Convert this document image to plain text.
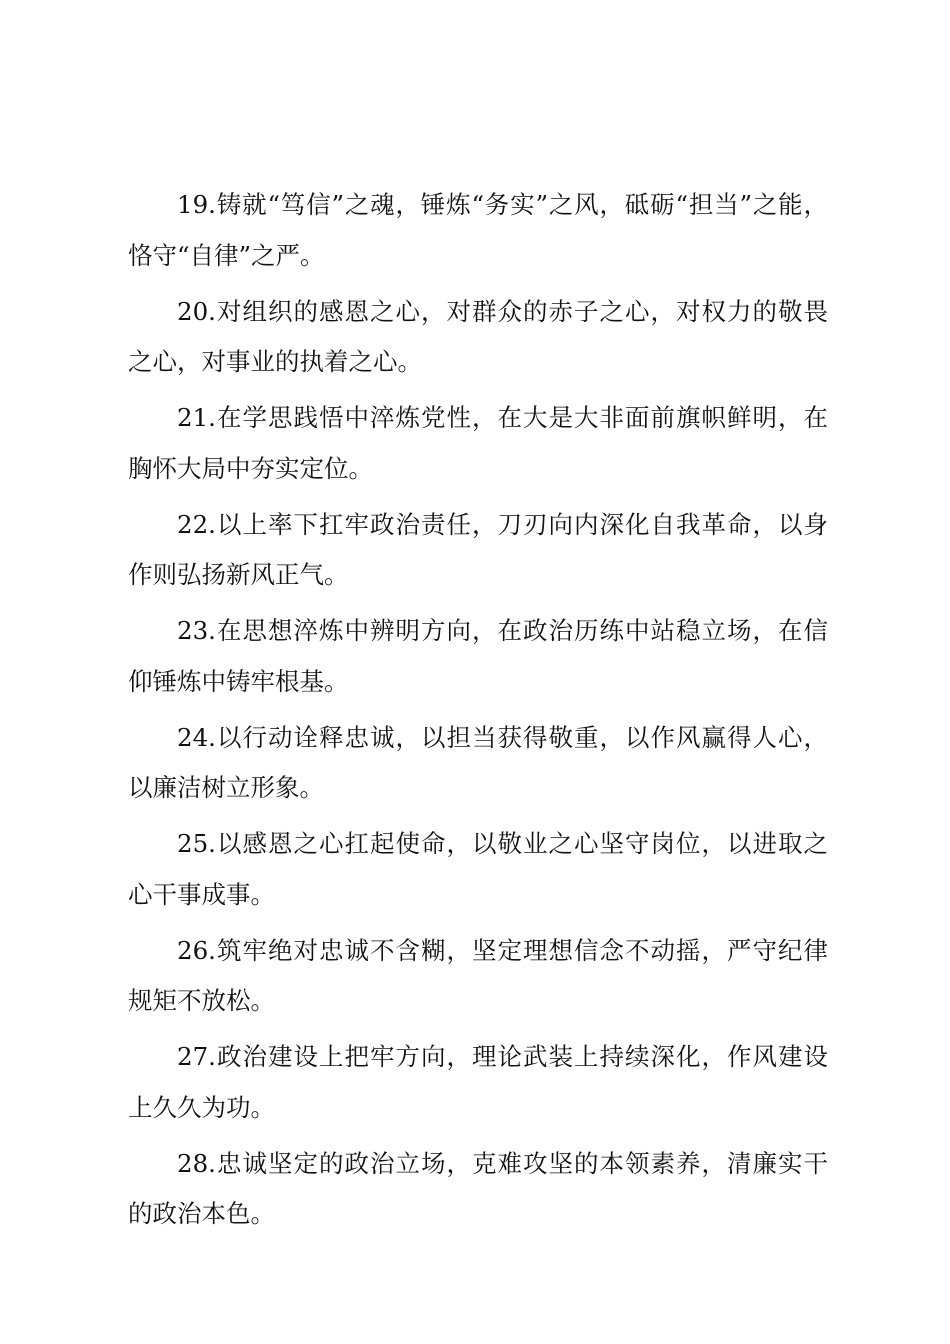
19.铸就“笃信”之魂，锤炼“务实”之风，砥砺“担当”之能，恪守“自律”之严。

20.对组织的感恩之心，对群众的赤子之心，对权力的敬畏之心，对事业的执着之心。

21.在学思践悟中淬炼党性，在大是大非面前旗帜鲜明，在胸怀大局中夯实定位。

22.以上率下扛牢政治责任，刀刃向内深化自我革命，以身作则弘扬新风正气。

23.在思想淬炼中辨明方向，在政治历练中站稳立场，在信仰锤炼中铸牢根基。

24.以行动诠释忠诚，以担当获得敬重，以作风赢得人心，以廉洁树立形象。

25.以感恩之心扛起使命，以敬业之心坚守岗位，以进取之心干事成事。

26.筑牢绝对忠诚不含糊，坚定理想信念不动摇，严守纪律规矩不放松。

27.政治建设上把牢方向，理论武装上持续深化，作风建设上久久为功。

28.忠诚坚定的政治立场，克难攻坚的本领素养，清廉实干的政治本色。
